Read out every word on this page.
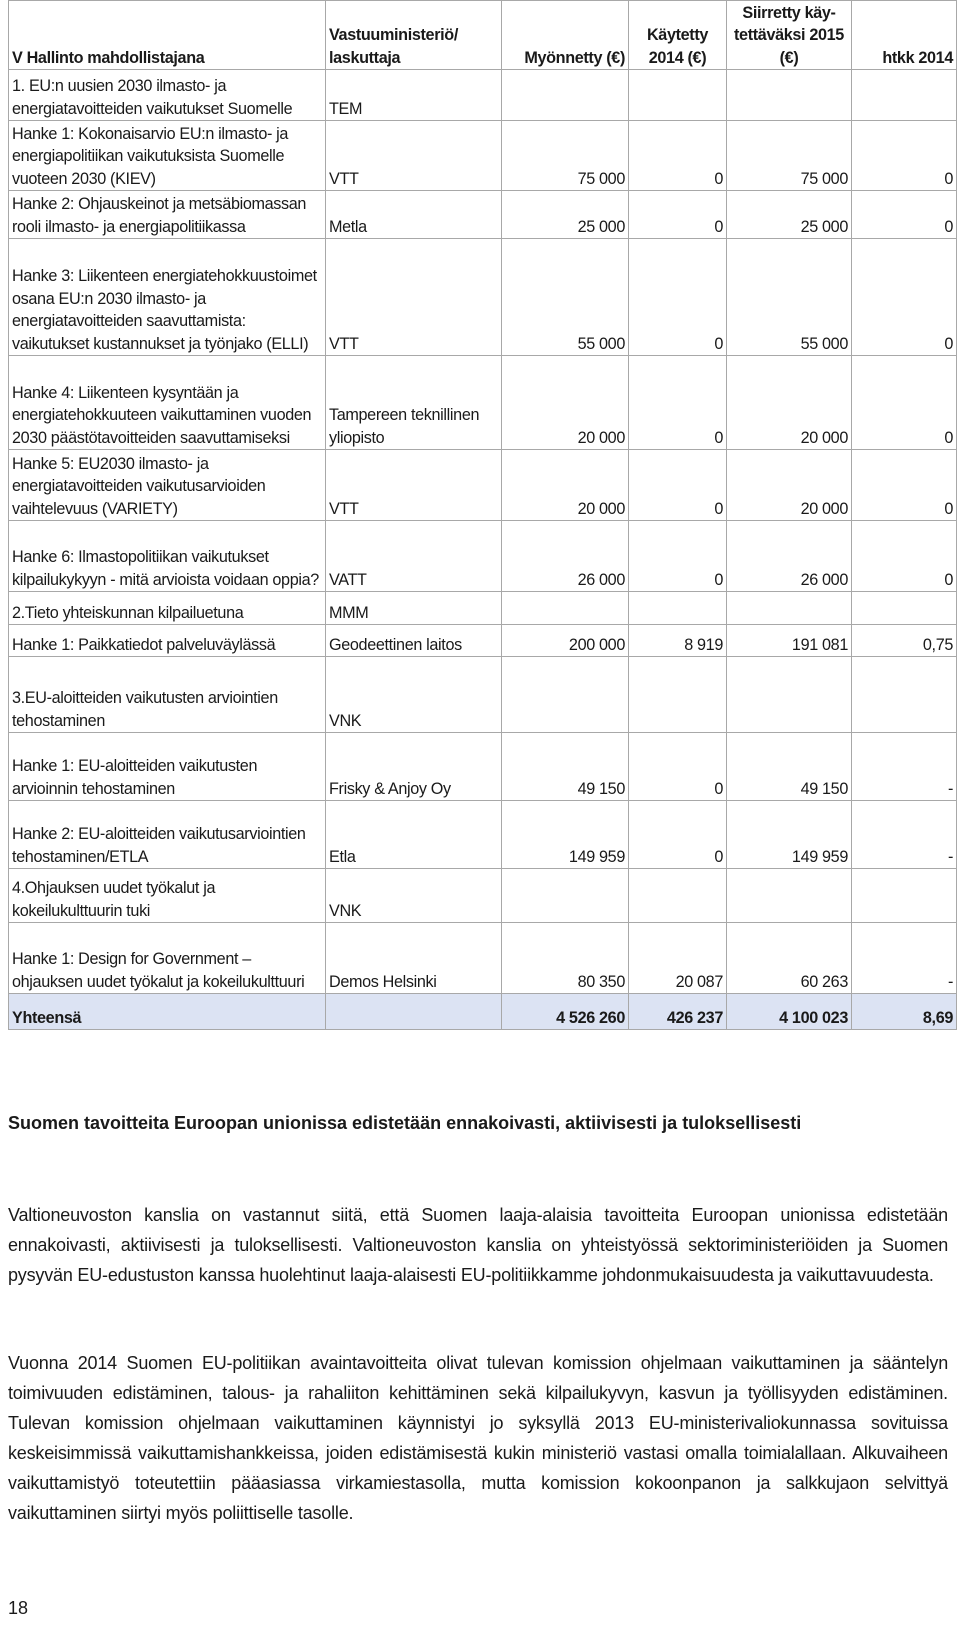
V Hallinto mahdollistajana	Vastuuministeriö/ laskuttaja	Myönnetty (€)	Käytetty 2014 (€)	Siirretty käy-tettäväksi 2015 (€)	htkk 2014
1. EU:n uusien 2030 ilmasto- ja energiatavoitteiden vaikutukset Suomelle	TEM				
Hanke 1: Kokonaisarvio EU:n ilmasto- ja energiapolitiikan vaikutuksista Suomelle vuoteen 2030 (KIEV)	VTT	75 000	0	75 000	0
Hanke 2: Ohjauskeinot ja metsäbiomassan rooli ilmasto- ja energiapolitiikassa	Metla	25 000	0	25 000	0
Hanke 3: Liikenteen energiatehokkuustoimet osana EU:n 2030 ilmasto- ja energiatavoitteiden saavuttamista: vaikutukset kustannukset ja työnjako (ELLI)	VTT	55 000	0	55 000	0
Hanke 4: Liikenteen kysyntään ja energiatehokkuuteen vaikuttaminen vuoden 2030 päästötavoitteiden saavuttamiseksi	Tampereen teknillinen yliopisto	20 000	0	20 000	0
Hanke 5: EU2030 ilmasto- ja energiatavoitteiden vaikutusarvioiden vaihtelevuus (VARIETY)	VTT	20 000	0	20 000	0
Hanke 6: Ilmastopolitiikan vaikutukset kilpailukykyyn - mitä arvioista voidaan oppia?	VATT	26 000	0	26 000	0
2.Tieto yhteiskunnan kilpailuetuna	MMM				
Hanke 1: Paikkatiedot palveluväylässä	Geodeettinen laitos	200 000	8 919	191 081	0,75
3.EU-aloitteiden vaikutusten arviointien tehostaminen	VNK				
Hanke 1: EU-aloitteiden vaikutusten arvioinnin tehostaminen	Frisky & Anjoy Oy	49 150	0	49 150	-
Hanke 2: EU-aloitteiden vaikutusarviointien tehostaminen/ETLA	Etla	149 959	0	149 959	-
4.Ohjauksen uudet työkalut ja kokeilukulttuurin tuki	VNK				
Hanke 1: Design for Government – ohjauksen uudet työkalut ja kokeilukulttuuri	Demos Helsinki	80 350	20 087	60 263	-
Yhteensä		4 526 260	426 237	4 100 023	8,69

Suomen tavoitteita Euroopan unionissa edistetään ennakoivasti, aktiivisesti ja tuloksellisesti

Valtioneuvoston kanslia on vastannut siitä, että Suomen laaja-alaisia tavoitteita Euroopan unionissa edistetään ennakoivasti, aktiivisesti ja tuloksellisesti. Valtioneuvoston kanslia on yhteistyössä sektoriministeriöiden ja Suomen pysyvän EU-edustuston kanssa huolehtinut laaja-alaisesti EU-politiikkamme johdonmukaisuudesta ja vaikuttavuudesta.

Vuonna 2014 Suomen EU-politiikan avaintavoitteita olivat tulevan komission ohjelmaan vaikuttaminen ja sääntelyn toimivuuden edistäminen, talous- ja rahaliiton kehittäminen sekä kilpailukyvyn, kasvun ja työllisyyden edistäminen. Tulevan komission ohjelmaan vaikuttaminen käynnistyi jo syksyllä 2013 EU-ministerivaliokunnassa sovituissa keskeisimmissä vaikuttamishankkeissa, joiden edistämisestä kukin ministeriö vastasi omalla toimialallaan. Alkuvaiheen vaikuttamistyö toteutettiin pääasiassa virkamiestasolla, mutta komission kokoonpanon ja salkkujaon selvittyä vaikuttaminen siirtyi myös poliittiselle tasolle.

18
